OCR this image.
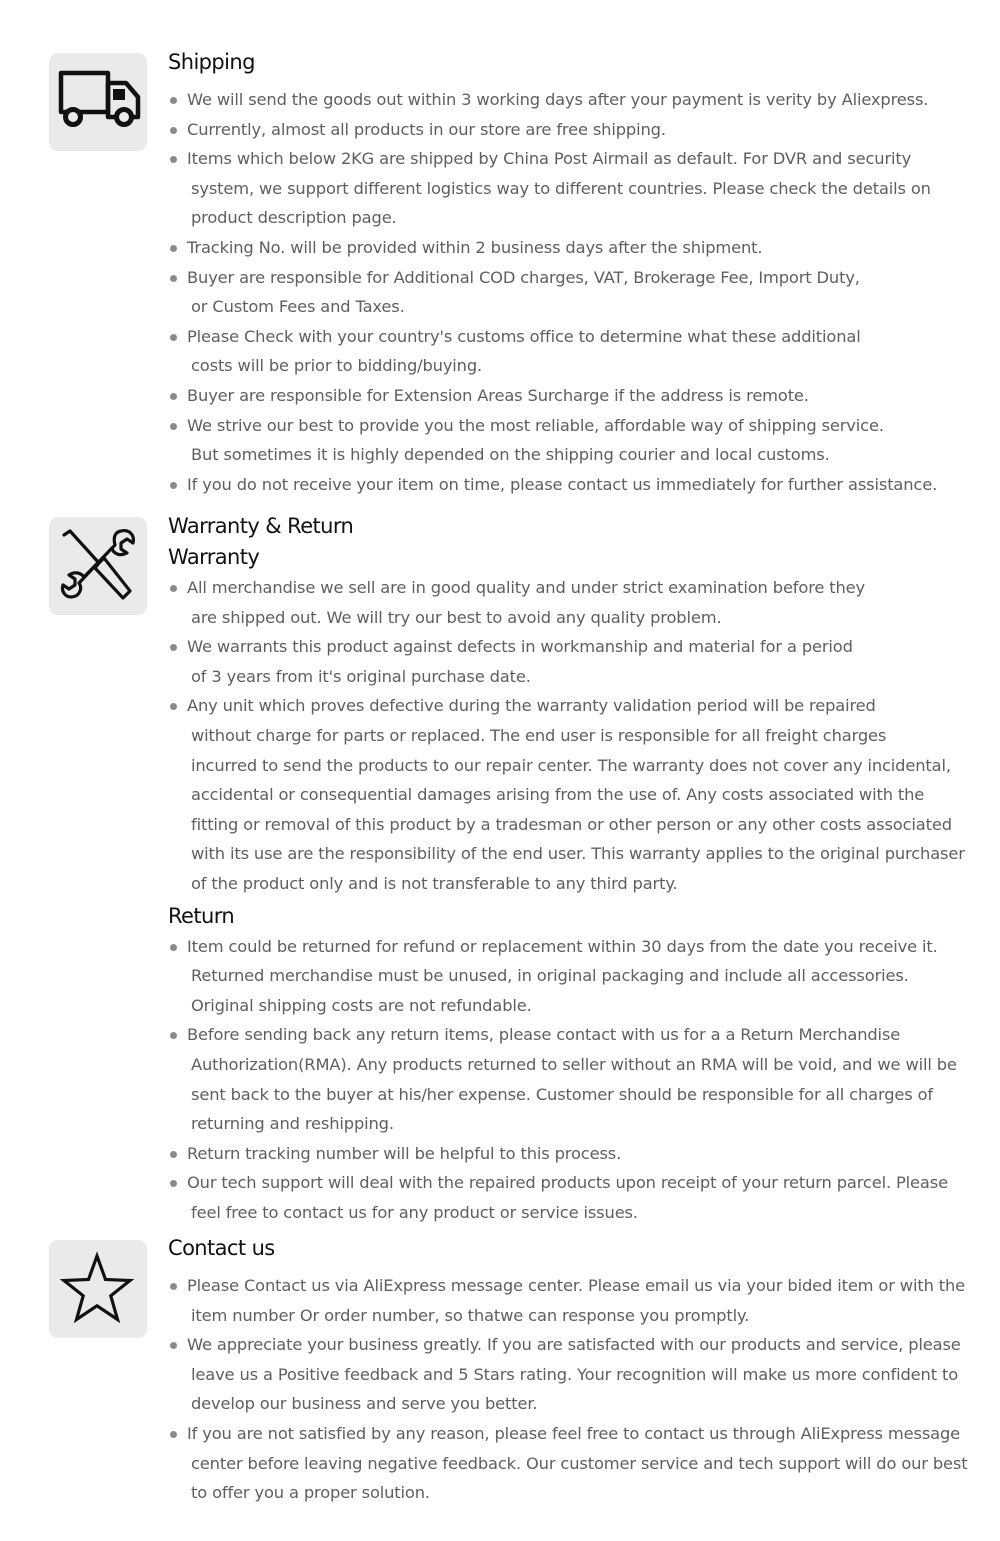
Shipping
We will send the goods out within 3 working days after your payment is verity by Aliexpress.
Currently, almost all products in our store are free shipping.
Items which below 2KG are shipped by China Post Airmail as default. For DVR and security
system, we support different logistics way to different countries. Please check the details on
product description page.
Tracking No. will be provided within 2 business days after the shipment.
Buyer are responsible for Additional COD charges, VAT, Brokerage Fee, Import Duty,
or Custom Fees and Taxes.
Please Check with your country's customs office to determine what these additional
costs will be prior to bidding/buying.
Buyer are responsible for Extension Areas Surcharge if the address is remote.
We strive our best to provide you the most reliable, affordable way of shipping service.
But sometimes it is highly depended on the shipping courier and local customs.
If you do not receive your item on time, please contact us immediately for further assistance.
Warranty & Return
Warranty
All merchandise we sell are in good quality and under strict examination before they
are shipped out. We will try our best to avoid any quality problem.
We warrants this product against defects in workmanship and material for a period
of 3 years from it's original purchase date.
Any unit which proves defective during the warranty validation period will be repaired
without charge for parts or replaced. The end user is responsible for all freight charges
incurred to send the products to our repair center. The warranty does not cover any incidental,
accidental or consequential damages arising from the use of. Any costs associated with the
fitting or removal of this product by a tradesman or other person or any other costs associated
with its use are the responsibility of the end user. This warranty applies to the original purchaser
of the product only and is not transferable to any third party.
Return
Item could be returned for refund or replacement within 30 days from the date you receive it.
Returned merchandise must be unused, in original packaging and include all accessories.
Original shipping costs are not refundable.
Before sending back any return items, please contact with us for a a Return Merchandise
Authorization(RMA). Any products returned to seller without an RMA will be void, and we will be
sent back to the buyer at his/her expense. Customer should be responsible for all charges of
returning and reshipping.
Return tracking number will be helpful to this process.
Our tech support will deal with the repaired products upon receipt of your return parcel. Please
feel free to contact us for any product or service issues.
Contact us
Please Contact us via AliExpress message center. Please email us via your bided item or with the
item number Or order number, so thatwe can response you promptly.
We appreciate your business greatly. If you are satisfacted with our products and service, please
leave us a Positive feedback and 5 Stars rating. Your recognition will make us more confident to
develop our business and serve you better.
If you are not satisfied by any reason, please feel free to contact us through AliExpress message
center before leaving negative feedback. Our customer service and tech support will do our best
to offer you a proper solution.
